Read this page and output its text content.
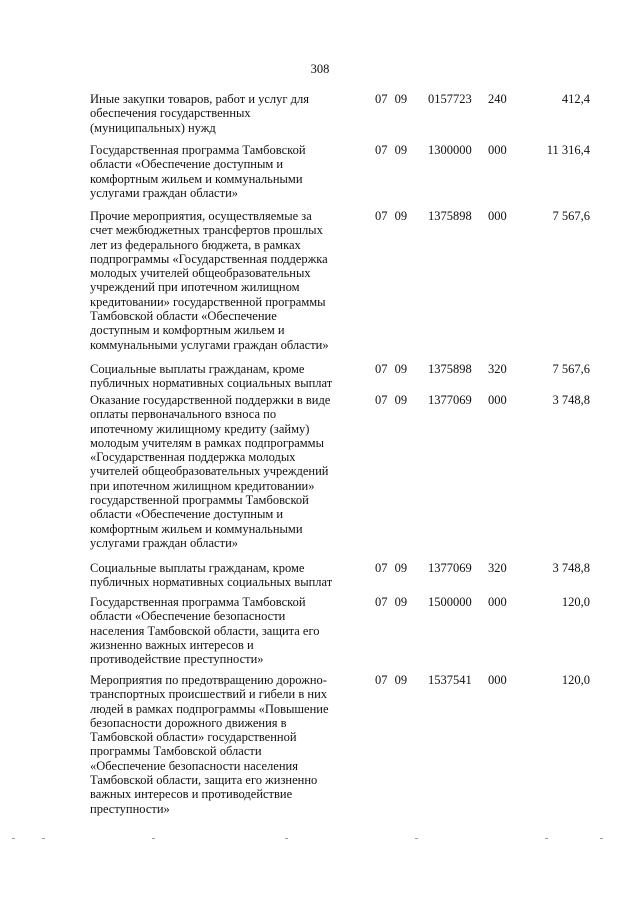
308
Иные закупки товаров, работ и услуг для
обеспечения государственных
(муниципальных) нужд
07 09	0157723	240	412,4
Государственная программа Тамбовской
области «Обеспечение доступным и
комфортным жильем и коммунальными
услугами граждан области»
07 09	1300000	000	11 316,4
Прочие мероприятия, осуществляемые за
счет межбюджетных трансфертов прошлых
лет из федерального бюджета, в рамках
подпрограммы «Государственная поддержка
молодых учителей общеобразовательных
учреждений при ипотечном жилищном
кредитовании» государственной программы
Тамбовской области «Обеспечение
доступным и комфортным жильем и
коммунальными услугами граждан области»
07 09	1375898	000	7 567,6
Социальные выплаты гражданам, кроме
публичных нормативных социальных выплат
07 09	1375898	320	7 567,6
Оказание государственной поддержки в виде
оплаты первоначального взноса по
ипотечному жилищному кредиту (займу)
молодым учителям в рамках подпрограммы
«Государственная поддержка молодых
учителей общеобразовательных учреждений
при ипотечном жилищном кредитовании»
государственной программы Тамбовской
области «Обеспечение доступным и
комфортным жильем и коммунальными
услугами граждан области»
07 09	1377069	000	3 748,8
Социальные выплаты гражданам, кроме
публичных нормативных социальных выплат
07 09	1377069	320	3 748,8
Государственная программа Тамбовской
области «Обеспечение безопасности
населения Тамбовской области, защита его
жизненно важных интересов и
противодействие преступности»
07 09	1500000	000	120,0
Мероприятия по предотвращению дорожно-
транспортных происшествий и гибели в них
людей в рамках подпрограммы «Повышение
безопасности дорожного движения в
Тамбовской области» государственной
программы Тамбовской области
«Обеспечение безопасности населения
Тамбовской области, защита его жизненно
важных интересов и противодействие
преступности»
07 09	1537541	000	120,0
